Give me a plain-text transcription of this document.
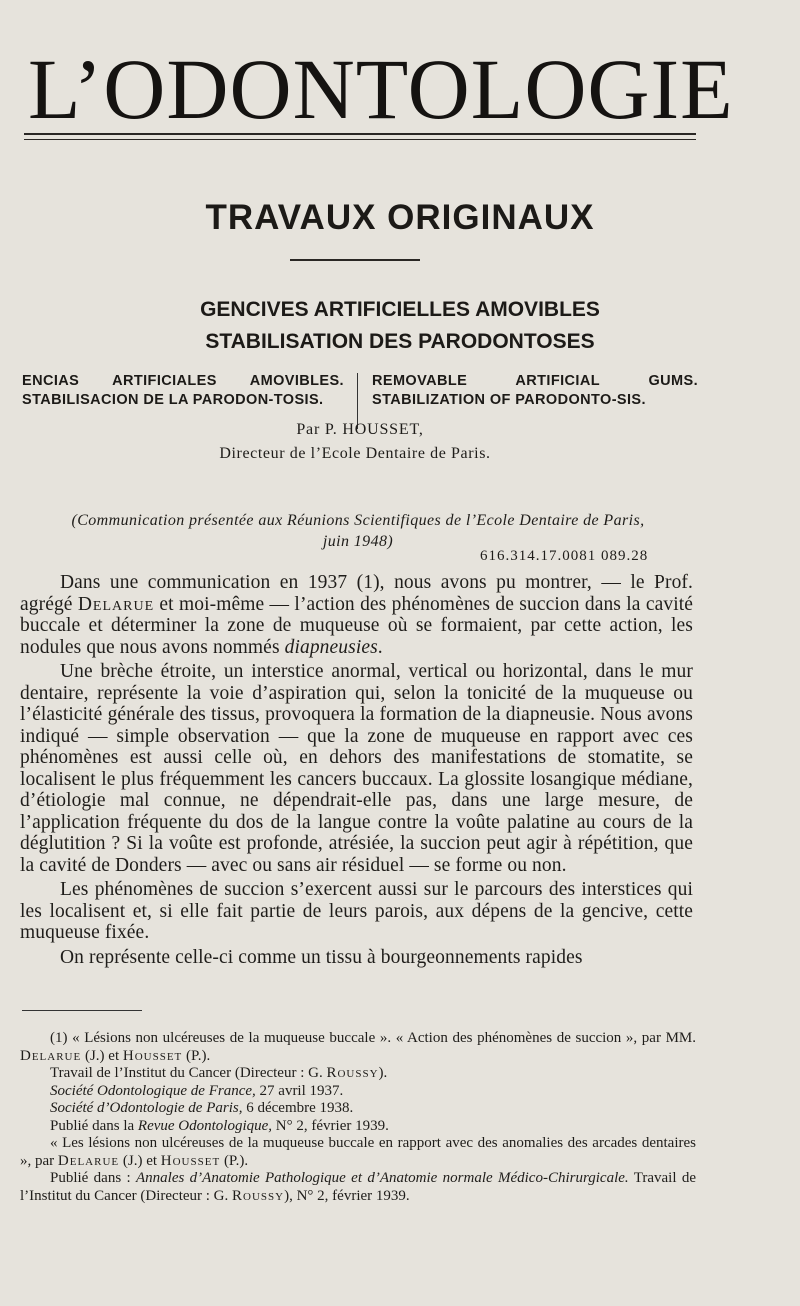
L’ODONTOLOGIE
TRAVAUX ORIGINAUX
GENCIVES ARTIFICIELLES AMOVIBLES
STABILISATION DES PARODONTOSES
ENCIAS ARTIFICIALES AMOVIBLES. STABILISACION DE LA PARODON-TOSIS.
REMOVABLE ARTIFICIAL GUMS. STABILIZATION OF PARODONTO-SIS.
Par P. HOUSSET,
Directeur de l’Ecole Dentaire de Paris.
(Communication présentée aux Réunions Scientifiques de l’Ecole Dentaire de Paris,
juin 1948)
616.314.17.0081 089.28

Dans une communication en 1937 (1), nous avons pu montrer, — le Prof. agrégé Delarue et moi-même — l’action des phénomènes de succion dans la cavité buccale et déterminer la zone de muqueuse où se formaient, par cette action, les nodules que nous avons nommés diapneusies.

Une brèche étroite, un interstice anormal, vertical ou horizontal, dans le mur dentaire, représente la voie d’aspiration qui, selon la tonicité de la muqueuse ou l’élasticité générale des tissus, provoquera la formation de la diapneusie. Nous avons indiqué — simple observation — que la zone de muqueuse en rapport avec ces phénomènes est aussi celle où, en dehors des manifestations de stomatite, se localisent le plus fréquemment les cancers buccaux. La glossite losangique médiane, d’étiologie mal connue, ne dépendrait-elle pas, dans une large mesure, de l’application fréquente du dos de la langue contre la voûte palatine au cours de la déglutition ? Si la voûte est profonde, atrésiée, la succion peut agir à répétition, que la cavité de Donders — avec ou sans air résiduel — se forme ou non.

Les phénomènes de succion s’exercent aussi sur le parcours des interstices qui les localisent et, si elle fait partie de leurs parois, aux dépens de la gencive, cette muqueuse fixée.

On représente celle-ci comme un tissu à bourgeonnements rapides

(1) « Lésions non ulcéreuses de la muqueuse buccale ». « Action des phénomènes de succion », par MM. Delarue (J.) et Housset (P.).

Travail de l’Institut du Cancer (Directeur : G. Roussy).

Société Odontologique de France, 27 avril 1937.

Société d’Odontologie de Paris, 6 décembre 1938.

Publié dans la Revue Odontologique, N° 2, février 1939.

« Les lésions non ulcéreuses de la muqueuse buccale en rapport avec des anomalies des arcades dentaires », par Delarue (J.) et Housset (P.).

Publié dans : Annales d’Anatomie Pathologique et d’Anatomie normale Médico-Chirurgicale. Travail de l’Institut du Cancer (Directeur : G. Roussy), N° 2, février 1939.
